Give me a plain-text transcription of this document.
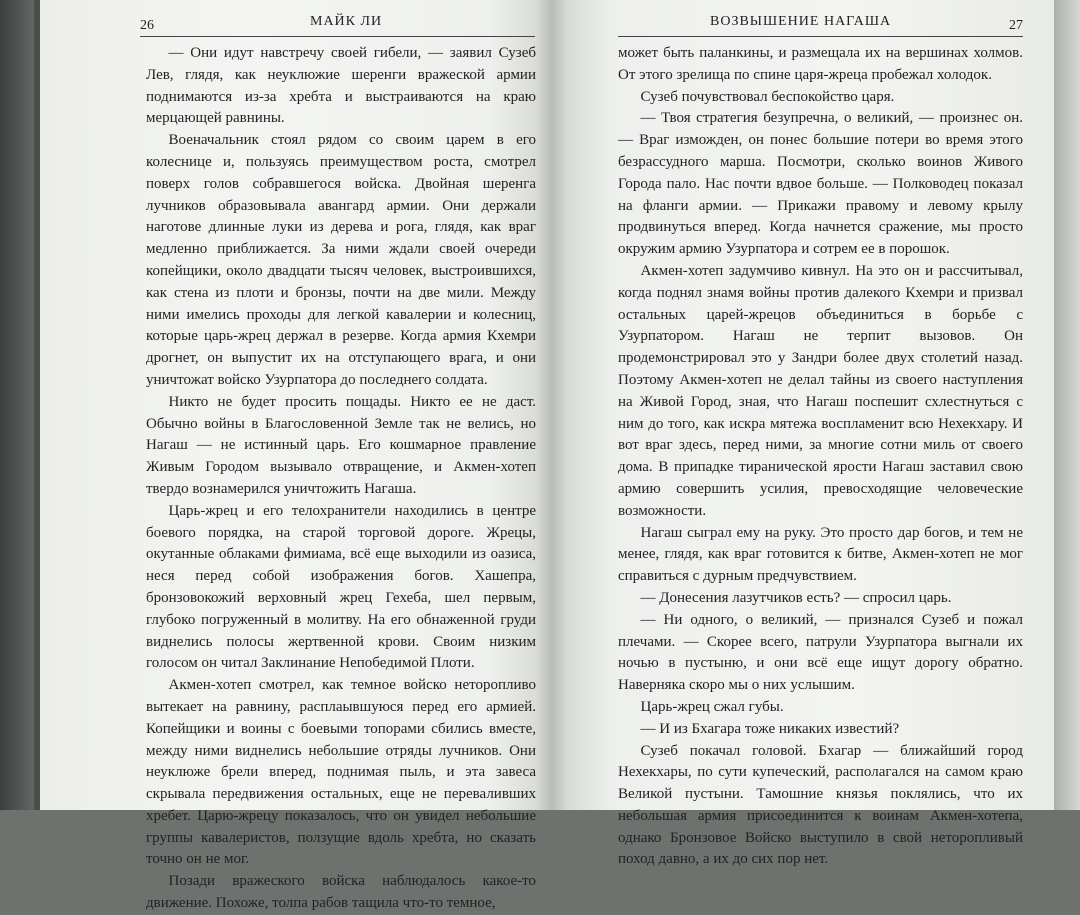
26	МАЙК ЛИ

— Они идут навстречу своей гибели, — заявил Сузеб Лев, глядя, как неуклюжие шеренги вражеской армии поднимаются из-за хребта и выстраиваются на краю мерцающей равнины.

Военачальник стоял рядом со своим царем в его колеснице и, пользуясь преимуществом роста, смотрел поверх голов собравшегося войска. Двойная шеренга лучников образовывала авангард армии. Они держали наготове длинные луки из дерева и рога, глядя, как враг медленно приближается. За ними ждали своей очереди копейщики, около двадцати тысяч человек, выстроившихся, как стена из плоти и бронзы, почти на две мили. Между ними имелись проходы для легкой кавалерии и колесниц, которые царь-жрец держал в резерве. Когда армия Кхемри дрогнет, он выпустит их на отступающего врага, и они уничтожат войско Узурпатора до последнего солдата.

Никто не будет просить пощады. Никто ее не даст. Обычно войны в Благословенной Земле так не велись, но Нагаш — не истинный царь. Его кошмарное правление Живым Городом вызывало отвращение, и Акмен-хотеп твердо вознамерился уничтожить Нагаша.

Царь-жрец и его телохранители находились в центре боевого порядка, на старой торговой дороге. Жрецы, окутанные облаками фимиама, всё еще выходили из оазиса, неся перед собой изображения богов. Хашепра, бронзовокожий верховный жрец Гехеба, шел первым, глубоко погруженный в молитву. На его обнаженной груди виднелись полосы жертвенной крови. Своим низким голосом он читал Заклинание Непобедимой Плоти.

Акмен-хотеп смотрел, как темное войско неторопливо вытекает на равнину, расплаывшуюся перед его армией. Копейщики и воины с боевыми топорами сбились вместе, между ними виднелись небольшие отряды лучников. Они неуклюже брели вперед, поднимая пыль, и эта завеса скрывала передвижения остальных, еще не переваливших хребет. Царю-жрецу показалось, что он увидел небольшие группы кавалеристов, ползущие вдоль хребта, но сказать точно он не мог.

Позади вражеского войска наблюдалось какое-то движение. Похоже, толпа рабов тащила что-то темное,

ВОЗВЫШЕНИЕ НАГАША	27

может быть паланкины, и размещала их на вершинах холмов. От этого зрелища по спине царя-жреца пробежал холодок.

Сузеб почувствовал беспокойство царя.

— Твоя стратегия безупречна, о великий, — произнес он. — Враг изможден, он понес большие потери во время этого безрассудного марша. Посмотри, сколько воинов Живого Города пало. Нас почти вдвое больше. — Полководец показал на фланги армии. — Прикажи правому и левому крылу продвинуться вперед. Когда начнется сражение, мы просто окружим армию Узурпатора и сотрем ее в порошок.

Акмен-хотеп задумчиво кивнул. На это он и рассчитывал, когда поднял знамя войны против далекого Кхемри и призвал остальных царей-жрецов объединиться в борьбе с Узурпатором. Нагаш не терпит вызовов. Он продемонстрировал это у Зандри более двух столетий назад. Поэтому Акмен-хотеп не делал тайны из своего наступления на Живой Город, зная, что Нагаш поспешит схлестнуться с ним до того, как искра мятежа воспламенит всю Нехекхару. И вот враг здесь, перед ними, за многие сотни миль от своего дома. В припадке тиранической ярости Нагаш заставил свою армию совершить усилия, превосходящие человеческие возможности.

Нагаш сыграл ему на руку. Это просто дар богов, и тем не менее, глядя, как враг готовится к битве, Акмен-хотеп не мог справиться с дурным предчувствием.

— Донесения лазутчиков есть? — спросил царь.

— Ни одного, о великий, — признался Сузеб и пожал плечами. — Скорее всего, патрули Узурпатора выгнали их ночью в пустыню, и они всё еще ищут дорогу обратно. Наверняка скоро мы о них услышим.

Царь-жрец сжал губы.

— И из Бхагара тоже никаких известий?

Сузеб покачал головой. Бхагар — ближайший город Нехекхары, по сути купеческий, располагался на самом краю Великой пустыни. Тамошние князья поклялись, что их небольшая армия присоединится к воинам Акмен-хотепа, однако Бронзовое Войско выступило в свой неторопливый поход давно, а их до сих пор нет.
